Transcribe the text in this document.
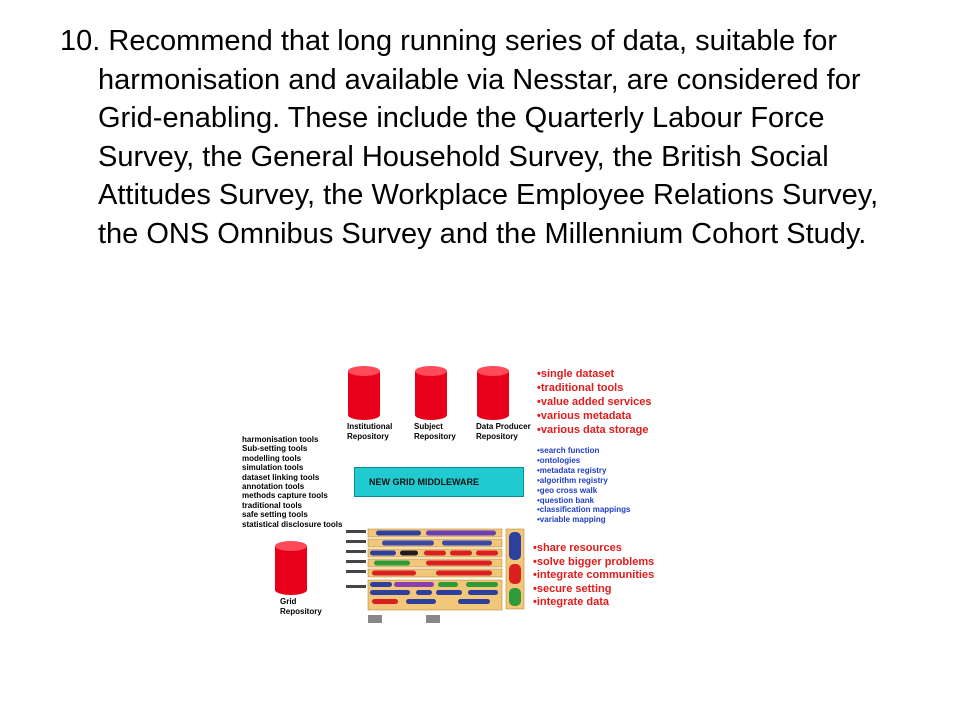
10. Recommend that long running series of data, suitable for harmonisation and available via Nesstar, are considered for Grid-enabling. These include the Quarterly Labour Force Survey, the General Household Survey, the British Social Attitudes Survey, the Workplace Employee Relations Survey, the ONS Omnibus Survey and the Millennium Cohort Study.

Institutional Repository
Subject Repository
Data Producer Repository
Grid Repository
harmonisation tools
Sub-setting tools
modelling tools
simulation tools
dataset linking tools
annotation tools
methods capture tools
traditional tools
safe setting tools
statistical disclosure tools
•single dataset
•traditional tools
•value added services
•various metadata
•various data storage
NEW GRID MIDDLEWARE
•search function
•ontologies
•metadata registry
•algorithm registry
•geo cross walk
•question bank
•classification mappings
•variable mapping
•share resources
•solve bigger problems
•integrate communities
•secure setting
•integrate data
